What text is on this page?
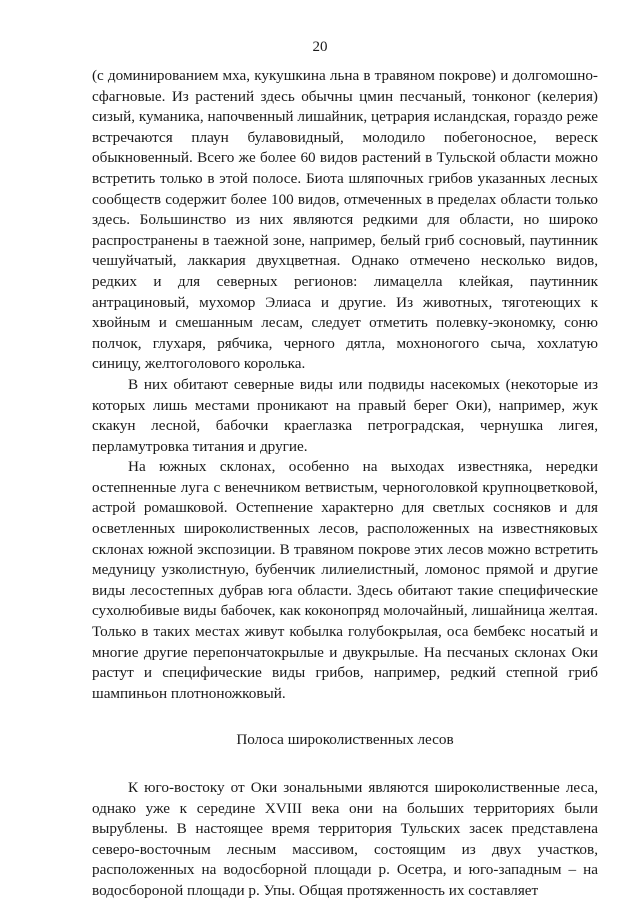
20

(с доминированием мха, кукушкина льна в травяном покрове) и долгомошно-сфагновые. Из растений здесь обычны цмин песчаный, тонконог (келерия) сизый, куманика, напочвенный лишайник, цетрария исландская, гораздо реже встречаются плаун булавовидный, молодило побегоносное, вереск обыкновенный. Всего же более 60 видов растений в Тульской области можно встретить только в этой полосе. Биота шляпочных грибов указанных лесных сообществ содержит более 100 видов, отмеченных в пределах области только здесь. Большинство из них являются редкими для области, но широко распространены в таежной зоне, например, белый гриб сосновый, паутинник чешуйчатый, лаккария двухцветная. Однако отмечено несколько видов, редких и для северных регионов: лимацелла клейкая, паутинник антрациновый, мухомор Элиаса и другие. Из животных, тяготеющих к хвойным и смешанным лесам, следует отметить полевку-экономку, соню полчок, глухаря, рябчика, черного дятла, мохноногого сыча, хохлатую синицу, желтоголового королька.

В них обитают северные виды или подвиды насекомых (некоторые из которых лишь местами проникают на правый берег Оки), например, жук скакун лесной, бабочки краеглазка петроградская, чернушка лигея, перламутровка титания и другие.

На южных склонах, особенно на выходах известняка, нередки остепненные луга с венечником ветвистым, черноголовкой крупноцветковой, астрой ромашковой. Остепнение характерно для светлых сосняков и для осветленных широколиственных лесов, расположенных на известняковых склонах южной экспозиции. В травяном покрове этих лесов можно встретить медуницу узколистную, бубенчик лилиелистный, ломонос прямой и другие виды лесостепных дубрав юга области. Здесь обитают такие специфические сухолюбивые виды бабочек, как коконопряд молочайный, лишайница желтая. Только в таких местах живут кобылка голубокрылая, оса бембекс носатый и многие другие перепончатокрылые и двукрылые. На песчаных склонах Оки растут и специфические виды грибов, например, редкий степной гриб шампиньон плотноножковый.

Полоса широколиственных лесов

К юго-востоку от Оки зональными являются широколиственные леса, однако уже к середине XVIII века они на больших территориях были вырублены. В настоящее время территория Тульских засек представлена северо-восточным лесным массивом, состоящим из двух участков, расположенных на водосборной площади р. Осетра, и юго-западным – на водосбороной площади р. Упы. Общая протяженность их составляет
